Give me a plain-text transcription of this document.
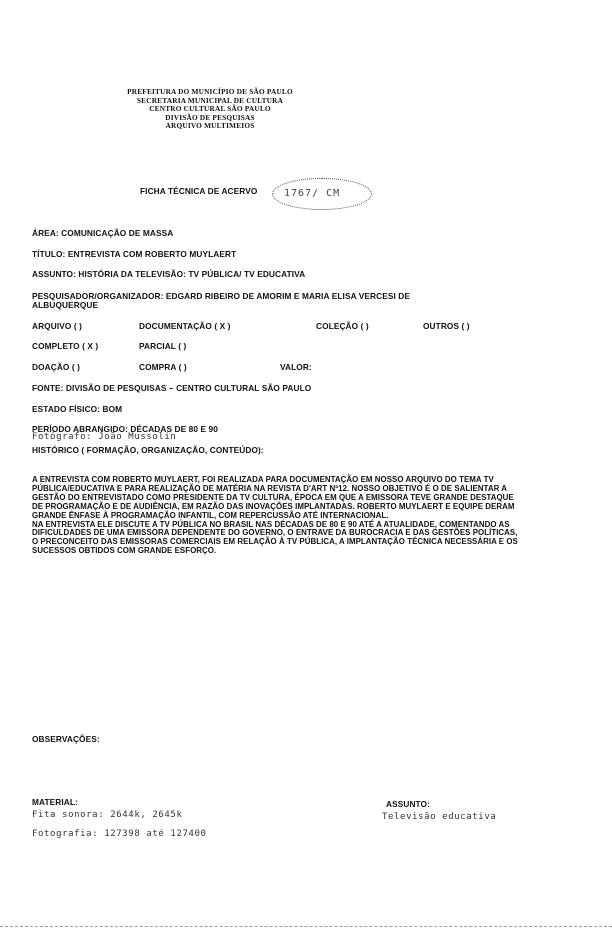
PREFEITURA DO MUNICÍPIO DE SÃO PAULO
SECRETARIA MUNICIPAL DE CULTURA
CENTRO CULTURAL SÃO PAULO
DIVISÃO DE PESQUISAS
ARQUIVO MULTIMEIOS
FICHA TÉCNICA DE ACERVO	1767/ CM
ÁREA: COMUNICAÇÃO DE MASSA
TÍTULO: ENTREVISTA COM ROBERTO MUYLAERT
ASSUNTO: HISTÓRIA DA TELEVISÃO: TV PÚBLICA/ TV EDUCATIVA
PESQUISADOR/ORGANIZADOR: EDGARD RIBEIRO DE AMORIM E MARIA ELISA VERCESI DE
ALBUQUERQUE
ARQUIVO ( )	DOCUMENTAÇÃO ( X )	COLEÇÃO ( )	OUTROS ( )
COMPLETO ( X )	PARCIAL ( )
DOAÇÃO ( )	COMPRA ( )	VALOR:
FONTE: DIVISÃO DE PESQUISAS – CENTRO CULTURAL SÃO PAULO
ESTADO FÍSICO: BOM
PERÍODO ABRANGIDO: DÉCADAS DE 80 E 90
Fotógrafo: João Mussolin
HISTÓRICO ( FORMAÇÃO, ORGANIZAÇÃO, CONTEÚDO):

A ENTREVISTA COM ROBERTO MUYLAERT, FOI REALIZADA PARA DOCUMENTAÇÃO EM NOSSO ARQUIVO DO TEMA TV PÚBLICA/EDUCATIVA E PARA REALIZAÇÃO DE MATÉRIA NA REVISTA D'ART Nº12. NOSSO OBJETIVO É O DE SALIENTAR A GESTÃO DO ENTREVISTADO COMO PRESIDENTE DA TV CULTURA, ÉPOCA EM QUE A EMISSORA TEVE GRANDE DESTAQUE DE PROGRAMAÇÃO E DE AUDIÊNCIA, EM RAZÃO DAS INOVAÇÕES IMPLANTADAS. ROBERTO MUYLAERT E EQUIPE DERAM GRANDE ÊNFASE À PROGRAMAÇÃO INFANTIL, COM REPERCUSSÃO ATÉ INTERNACIONAL.

NA ENTREVISTA ELE DISCUTE A TV PÚBLICA NO BRASIL NAS DÉCADAS DE 80 E 90 ATÉ A ATUALIDADE, COMENTANDO AS DIFICULDADES DE UMA EMISSORA DEPENDENTE DO GOVERNO, O ENTRAVE DA BUROCRACIA E DAS GESTÕES POLÍTICAS, O PRECONCEITO DAS EMISSORAS COMERCIAIS EM RELAÇÃO À TV PÚBLICA, A IMPLANTAÇÃO TÉCNICA NECESSÁRIA E OS SUCESSOS OBTIDOS COM GRANDE ESFORÇO.

OBSERVAÇÕES:
MATERIAL:
Fita sonora: 2644k, 2645k
Fotografia: 127398 até 127400
ASSUNTO:
Televisão educativa
